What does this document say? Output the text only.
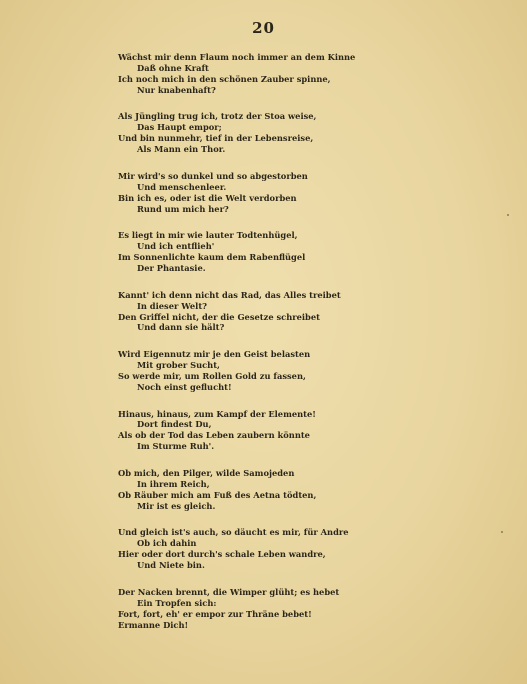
20
Wächst mir denn Flaum noch immer an dem Kinne
Daß ohne Kraft
Ich noch mich in den schönen Zauber spinne,
Nur knabenhaft?
Als Jüngling trug ich, trotz der Stoa weise,
Das Haupt empor;
Und bin nunmehr, tief in der Lebensreise,
Als Mann ein Thor.
Mir wird's so dunkel und so abgestorben
Und menschenleer.
Bin ich es, oder ist die Welt verdorben
Rund um mich her?
Es liegt in mir wie lauter Todtenhügel,
Und ich entflieh'
Im Sonnenlichte kaum dem Rabenflügel
Der Phantasie.
Kannt' ich denn nicht das Rad, das Alles treibet
In dieser Welt?
Den Griffel nicht, der die Gesetze schreibet
Und dann sie hält?
Wird Eigennutz mir je den Geist belasten
Mit grober Sucht,
So werde mir, um Rollen Gold zu fassen,
Noch einst geflucht!
Hinaus, hinaus, zum Kampf der Elemente!
Dort findest Du,
Als ob der Tod das Leben zaubern könnte
Im Sturme Ruh'.
Ob mich, den Pilger, wilde Samojeden
In ihrem Reich,
Ob Räuber mich am Fuß des Aetna tödten,
Mir ist es gleich.
Und gleich ist's auch, so däucht es mir, für Andre
Ob ich dahin
Hier oder dort durch's schale Leben wandre,
Und Niete bin.
Der Nacken brennt, die Wimper glüht; es hebet
Ein Tropfen sich:
Fort, fort, eh' er empor zur Thräne bebet!
Ermanne Dich!
